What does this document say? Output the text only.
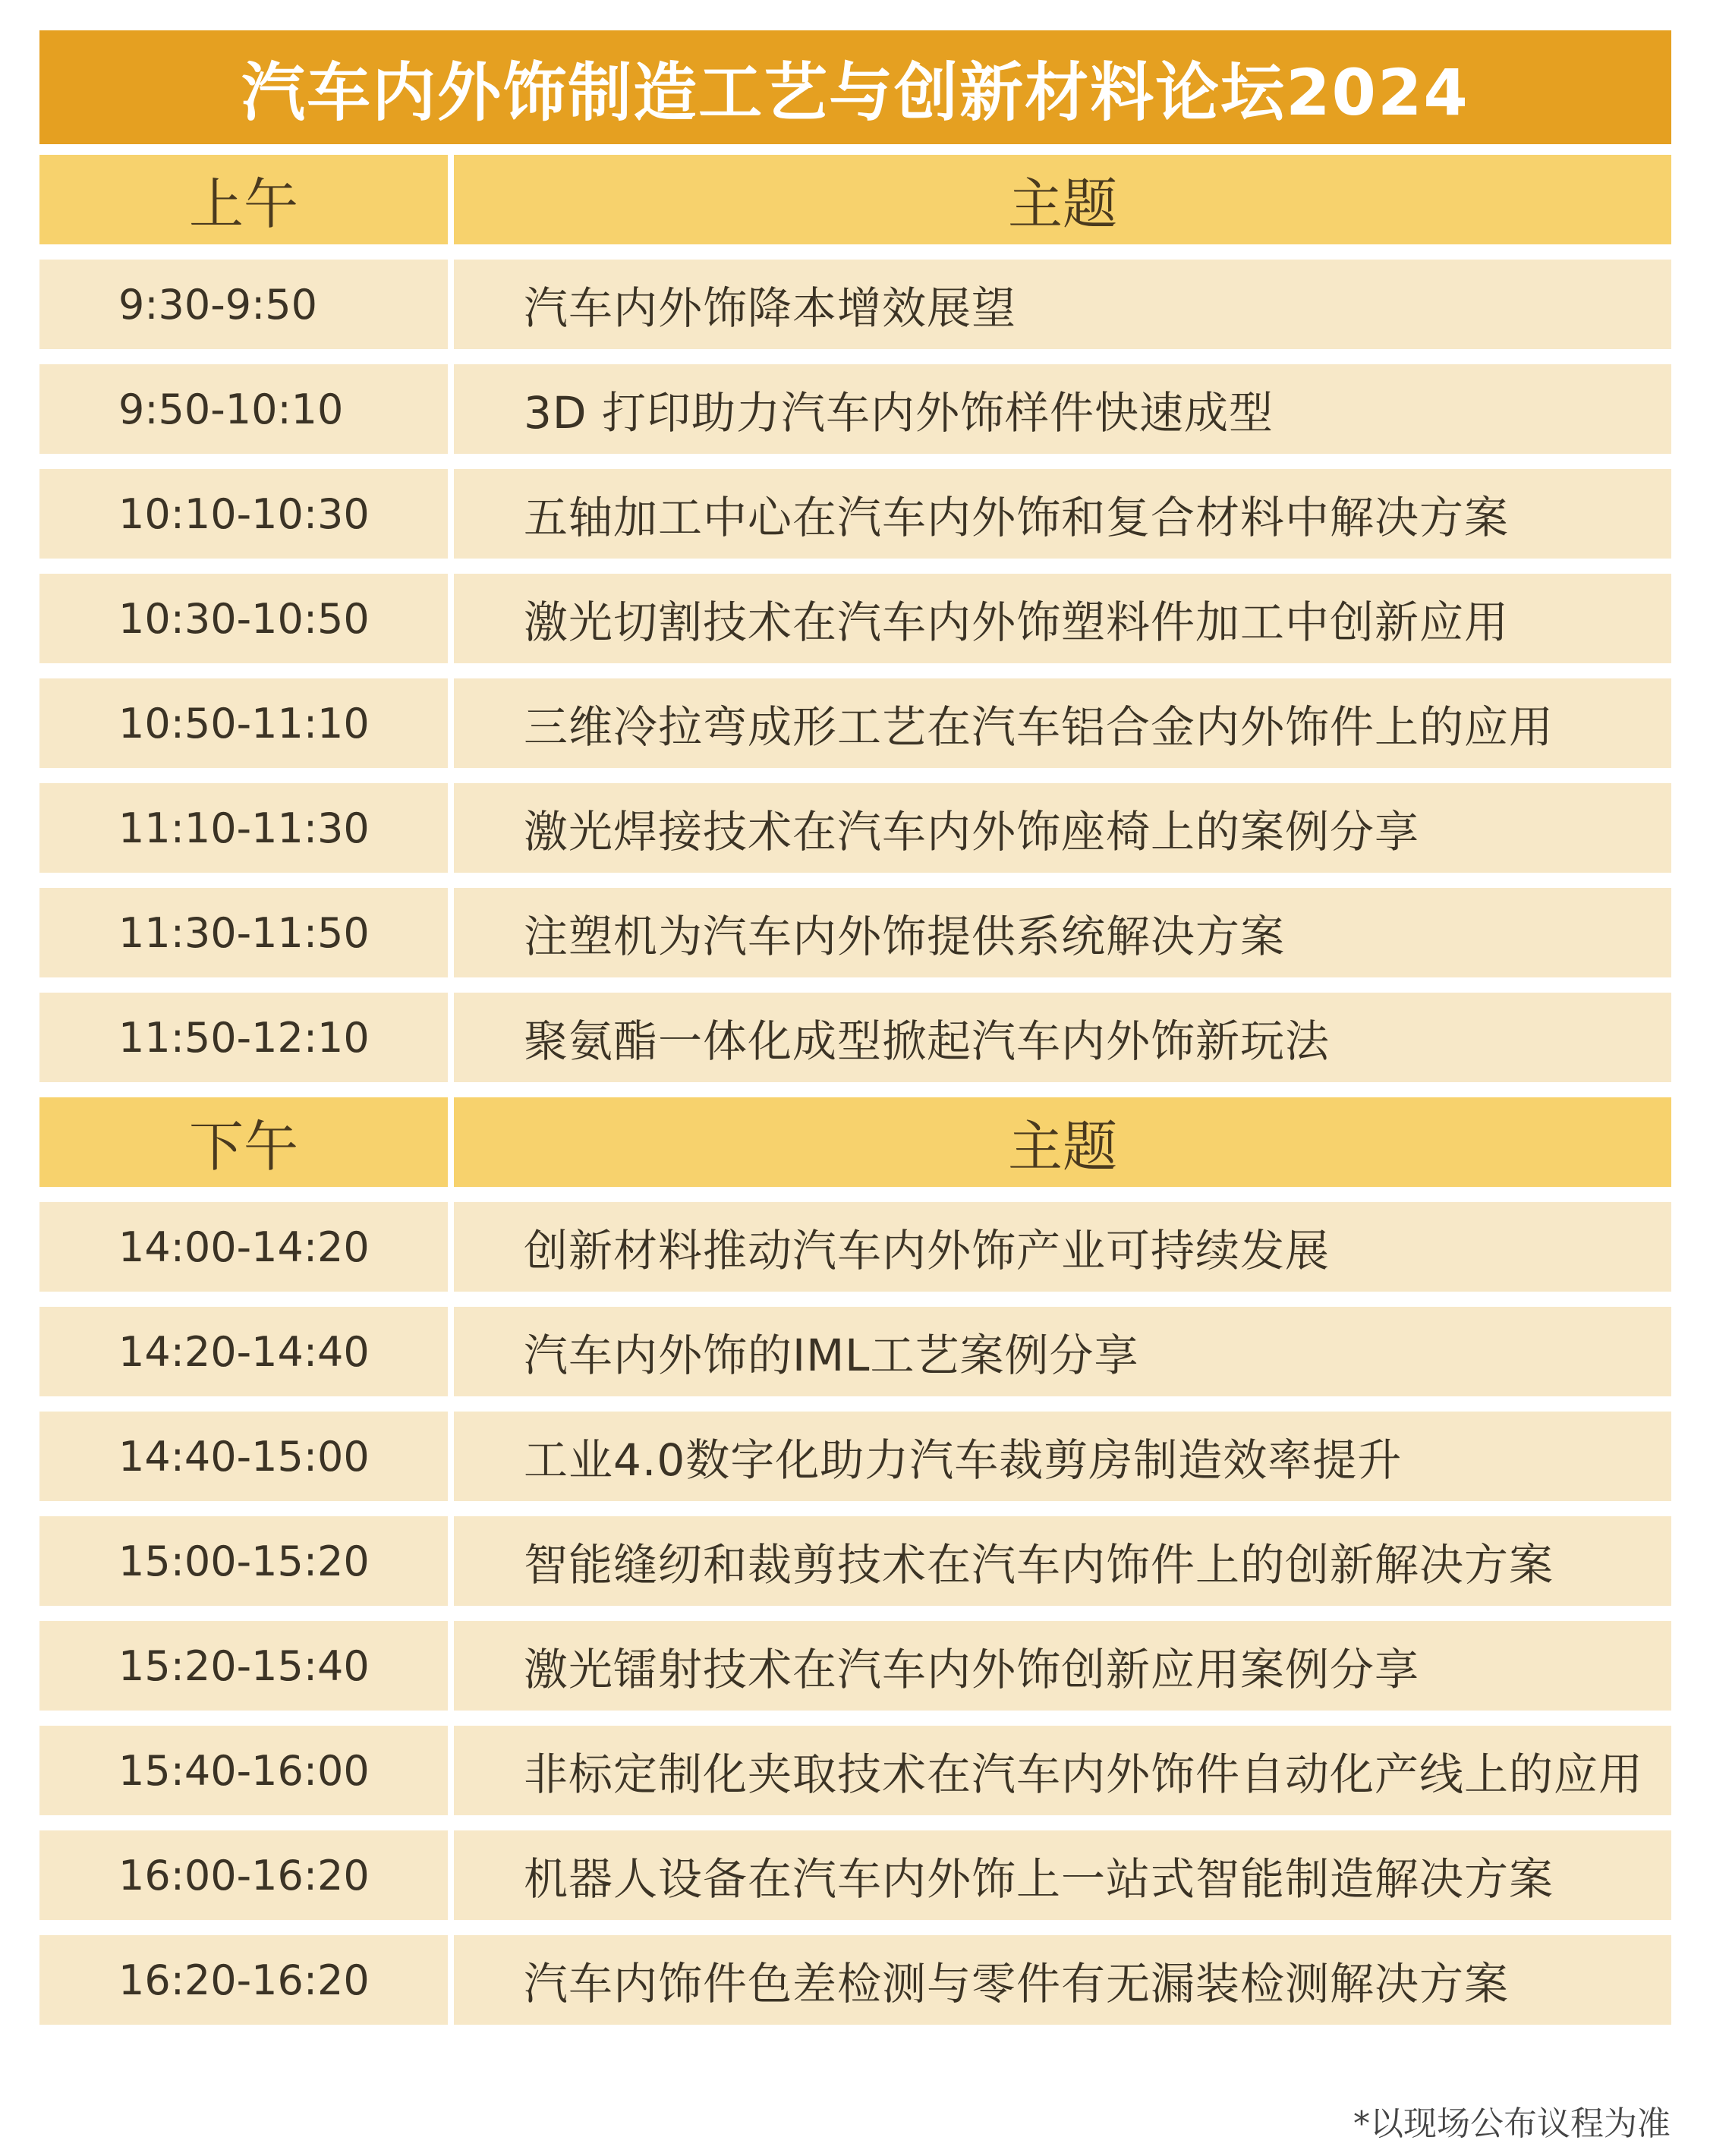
汽车内外饰制造工艺与创新材料论坛2024
上午	主题
9:30-9:50	汽车内外饰降本增效展望
9:50-10:10	3D 打印助力汽车内外饰样件快速成型
10:10-10:30	五轴加工中心在汽车内外饰和复合材料中解决方案
10:30-10:50	激光切割技术在汽车内外饰塑料件加工中创新应用
10:50-11:10	三维冷拉弯成形工艺在汽车铝合金内外饰件上的应用
11:10-11:30	激光焊接技术在汽车内外饰座椅上的案例分享
11:30-11:50	注塑机为汽车内外饰提供系统解决方案
11:50-12:10	聚氨酯一体化成型掀起汽车内外饰新玩法
下午	主题
14:00-14:20	创新材料推动汽车内外饰产业可持续发展
14:20-14:40	汽车内外饰的IML工艺案例分享
14:40-15:00	工业4.0数字化助力汽车裁剪房制造效率提升
15:00-15:20	智能缝纫和裁剪技术在汽车内饰件上的创新解决方案
15:20-15:40	激光镭射技术在汽车内外饰创新应用案例分享
15:40-16:00	非标定制化夹取技术在汽车内外饰件自动化产线上的应用
16:00-16:20	机器人设备在汽车内外饰上一站式智能制造解决方案
16:20-16:20	汽车内饰件色差检测与零件有无漏装检测解决方案
*以现场公布议程为准
